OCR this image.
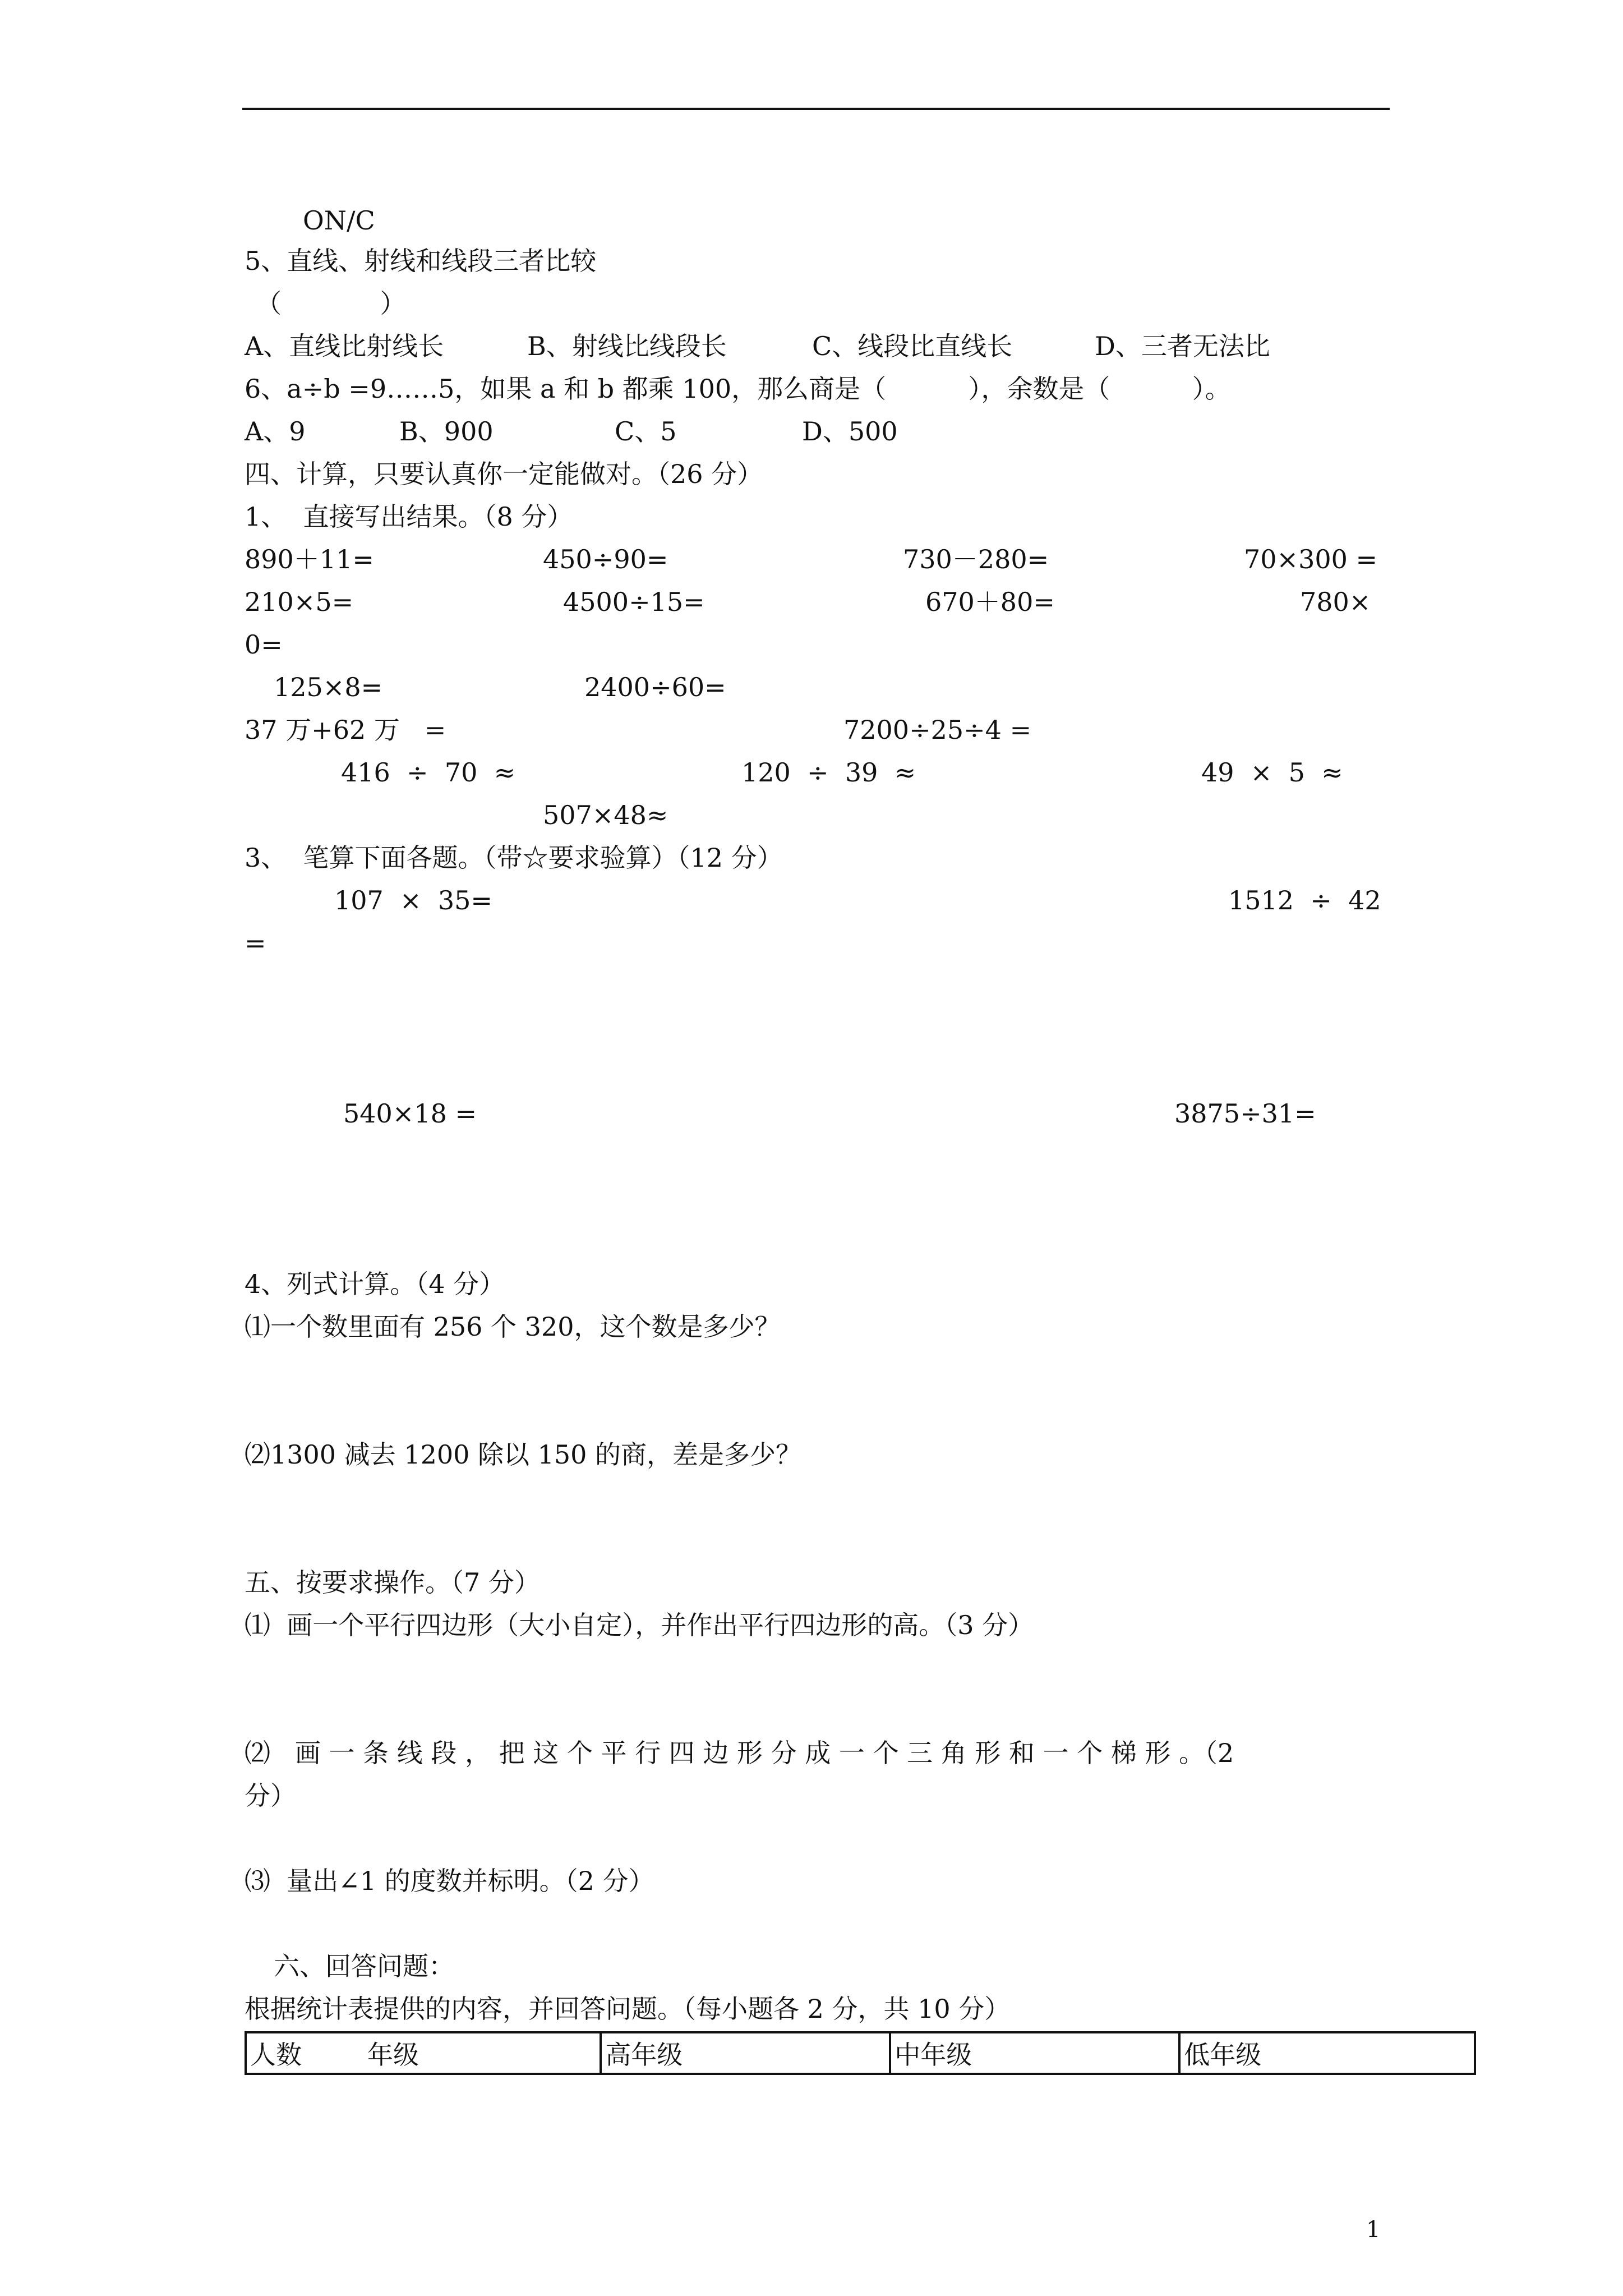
ON/C
5、直线、射线和线段三者比较
（            ）
A、直线比射线长	B、射线比线段长	C、线段比直线长	D、三者无法比
6、a÷b =9……5，如果 a 和 b 都乘 100，那么商是（          ），余数是（          ）。
A、9	B、900	C、5	D、500
四、计算，只要认真你一定能做对。（26 分）
1、  直接写出结果。（8 分）
890＋11=	450÷90=	730－280=	70×300 =
210×5=	4500÷15=	670＋80=	780×
0=
125×8=	2400÷60=
37 万+62 万   =	7200÷25÷4 =
416  ÷  70  ≈	120  ÷  39  ≈	49  ×  5  ≈
507×48≈
3、  笔算下面各题。（带☆要求验算）（12 分）
107  ×  35=	1512  ÷  42
=
540×18 =	3875÷31=
4、列式计算。（4 分）
⑴一个数里面有 256 个 320，这个数是多少？
⑵1300 减去 1200 除以 150 的商，差是多少？
五、按要求操作。（7 分）
⑴  画一个平行四边形（大小自定），并作出平行四边形的高。（3 分）
⑵   画 一 条 线 段 ， 把 这 个 平 行 四 边 形 分 成 一 个 三 角 形 和 一 个 梯 形 。（2
分）
⑶  量出∠1 的度数并标明。（2 分）
六、回答问题：
根据统计表提供的内容，并回答问题。（每小题各 2 分，共 10 分）
人数        年级	高年级	中年级	低年级
1
